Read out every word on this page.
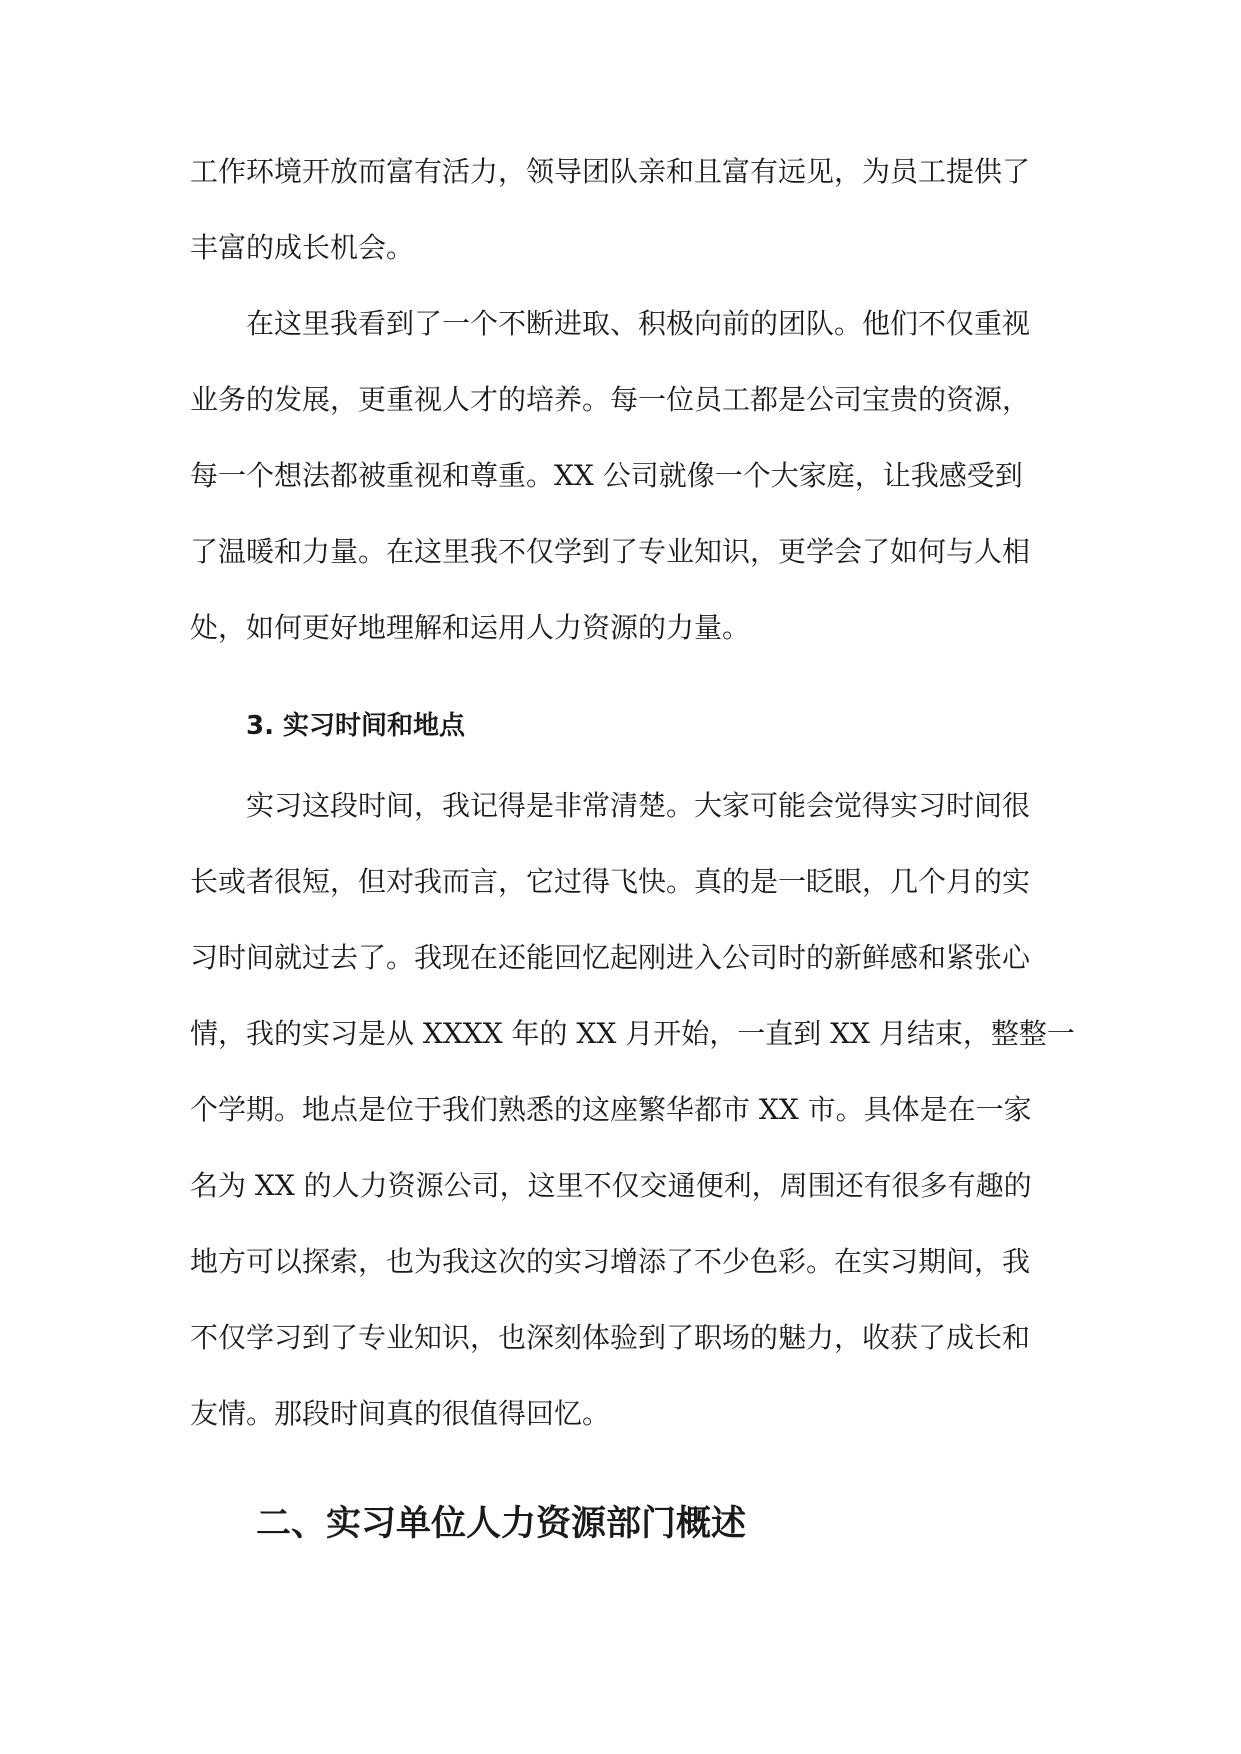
工作环境开放而富有活力，领导团队亲和且富有远见，为员工提供了

丰富的成长机会。

　　在这里我看到了一个不断进取、积极向前的团队。他们不仅重视

业务的发展，更重视人才的培养。每一位员工都是公司宝贵的资源，

每一个想法都被重视和尊重。XX 公司就像一个大家庭，让我感受到

了温暖和力量。在这里我不仅学到了专业知识，更学会了如何与人相

处，如何更好地理解和运用人力资源的力量。

3. 实习时间和地点

　　实习这段时间，我记得是非常清楚。大家可能会觉得实习时间很

长或者很短，但对我而言，它过得飞快。真的是一眨眼，几个月的实

习时间就过去了。我现在还能回忆起刚进入公司时的新鲜感和紧张心

情，我的实习是从 XXXX 年的 XX 月开始，一直到 XX 月结束，整整一

个学期。地点是位于我们熟悉的这座繁华都市 XX 市。具体是在一家

名为 XX 的人力资源公司，这里不仅交通便利，周围还有很多有趣的

地方可以探索，也为我这次的实习增添了不少色彩。在实习期间，我

不仅学习到了专业知识，也深刻体验到了职场的魅力，收获了成长和

友情。那段时间真的很值得回忆。

二、实习单位人力资源部门概述
